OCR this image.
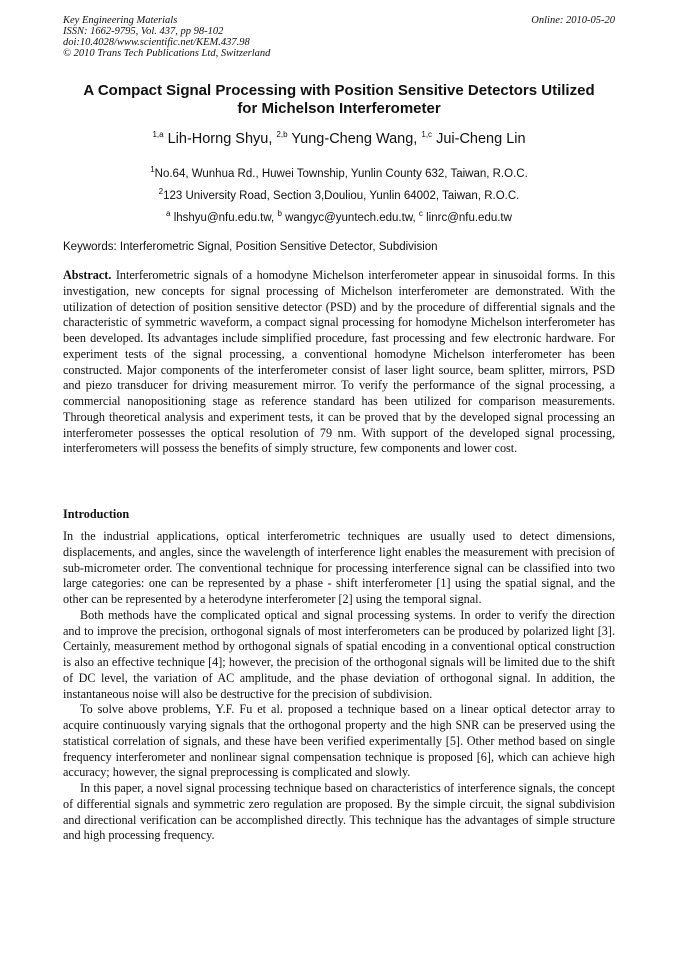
Key Engineering Materials
ISSN: 1662-9795, Vol. 437, pp 98-102
doi:10.4028/www.scientific.net/KEM.437.98
© 2010 Trans Tech Publications Ltd, Switzerland
Online: 2010-05-20
A Compact Signal Processing with Position Sensitive Detectors Utilized
for Michelson Interferometer
$^{1,a}$ Lih-Horng Shyu, $^{2,b}$ Yung-Cheng Wang, $^{1,c}$ Jui-Cheng Lin
$^1$No.64, Wunhua Rd., Huwei Township, Yunlin County 632, Taiwan, R.O.C.
$^2$123 University Road, Section 3,Douliou, Yunlin 64002, Taiwan, R.O.C.
$^a$ lhshyu@nfu.edu.tw, $^b$ wangyc@yuntech.edu.tw, $^c$ linrc@nfu.edu.tw
Keywords: Interferometric Signal, Position Sensitive Detector, Subdivision
Abstract. Interferometric signals of a homodyne Michelson interferometer appear in sinusoidal forms. In this investigation, new concepts for signal processing of Michelson interferometer are demonstrated. With the utilization of detection of position sensitive detector (PSD) and by the procedure of differential signals and the characteristic of symmetric waveform, a compact signal processing for homodyne Michelson interferometer has been developed. Its advantages include simplified procedure, fast processing and few electronic hardware. For experiment tests of the signal processing, a conventional homodyne Michelson interferometer has been constructed. Major components of the interferometer consist of laser light source, beam splitter, mirrors, PSD and piezo transducer for driving measurement mirror. To verify the performance of the signal processing, a commercial nanopositioning stage as reference standard has been utilized for comparison measurements. Through theoretical analysis and experiment tests, it can be proved that by the developed signal processing an interferometer possesses the optical resolution of 79 nm. With support of the developed signal processing, interferometers will possess the benefits of simply structure, few components and lower cost.
Introduction

In the industrial applications, optical interferometric techniques are usually used to detect dimensions, displacements, and angles, since the wavelength of interference light enables the measurement with precision of sub-micrometer order. The conventional technique for processing interference signal can be classified into two large categories: one can be represented by a phase - shift interferometer [1] using the spatial signal, and the other can be represented by a heterodyne interferometer [2] using the temporal signal.

Both methods have the complicated optical and signal processing systems. In order to verify the direction and to improve the precision, orthogonal signals of most interferometers can be produced by polarized light [3]. Certainly, measurement method by orthogonal signals of spatial encoding in a conventional optical construction is also an effective technique [4]; however, the precision of the orthogonal signals will be limited due to the shift of DC level, the variation of AC amplitude, and the phase deviation of orthogonal signal. In addition, the instantaneous noise will also be destructive for the precision of subdivision.

To solve above problems, Y.F. Fu et al. proposed a technique based on a linear optical detector array to acquire continuously varying signals that the orthogonal property and the high SNR can be preserved using the statistical correlation of signals, and these have been verified experimentally [5]. Other method based on single frequency interferometer and nonlinear signal compensation technique is proposed [6], which can achieve high accuracy; however, the signal preprocessing is complicated and slowly.

In this paper, a novel signal processing technique based on characteristics of interference signals, the concept of differential signals and symmetric zero regulation are proposed. By the simple circuit, the signal subdivision and directional verification can be accomplished directly. This technique has the advantages of simple structure and high processing frequency.
